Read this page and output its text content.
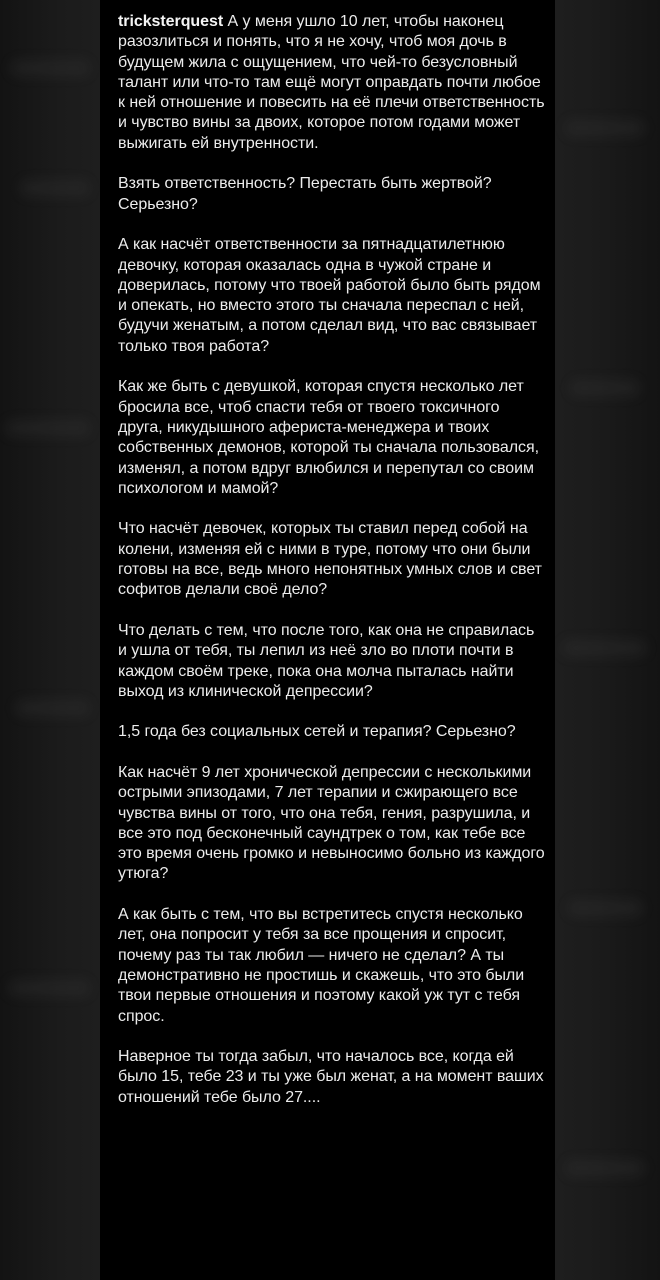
tricksterquest А у меня ушло 10 лет, чтобы наконец разозлиться и понять, что я не хочу, чтоб моя дочь в будущем жила с ощущением, что чей-то безусловный талант или что-то там ещё могут оправдать почти любое к ней отношение и повесить на её плечи ответственность и чувство вины за двоих, которое потом годами может выжигать ей внутренности.

Взять ответственность? Перестать быть жертвой? Серьезно?

А как насчёт ответственности за пятнадцатилетнюю девочку, которая оказалась одна в чужой стране и доверилась, потому что твоей работой было быть рядом и опекать, но вместо этого ты сначала переспал с ней, будучи женатым, а потом сделал вид, что вас связывает только твоя работа?

Как же быть с девушкой, которая спустя несколько лет бросила все, чтоб спасти тебя от твоего токсичного друга, никудышного афериста-менеджера и твоих собственных демонов, которой ты сначала пользовался, изменял, а потом вдруг влюбился и перепутал со своим психологом и мамой?

Что насчёт девочек, которых ты ставил перед собой на колени, изменяя ей с ними в туре, потому что они были готовы на все, ведь много непонятных умных слов и свет софитов делали своё дело?

Что делать с тем, что после того, как она не справилась и ушла от тебя, ты лепил из неё зло во плоти почти в каждом своём треке, пока она молча пыталась найти выход из клинической депрессии?

1,5 года без социальных сетей и терапия? Серьезно?

Как насчёт 9 лет хронической депрессии с несколькими острыми эпизодами, 7 лет терапии и сжирающего все чувства вины от того, что она тебя, гения, разрушила, и все это под бесконечный саундтрек о том, как тебе все это время очень громко и невыносимо больно из каждого утюга?

А как быть с тем, что вы встретитесь спустя несколько лет, она попросит у тебя за все прощения и спросит, почему раз ты так любил — ничего не сделал? А ты демонстративно не простишь и скажешь, что это были твои первые отношения и поэтому какой уж тут с тебя спрос.

Наверное ты тогда забыл, что началось все, когда ей было 15, тебе 23 и ты уже был женат, а на момент ваших отношений тебе было 27....
